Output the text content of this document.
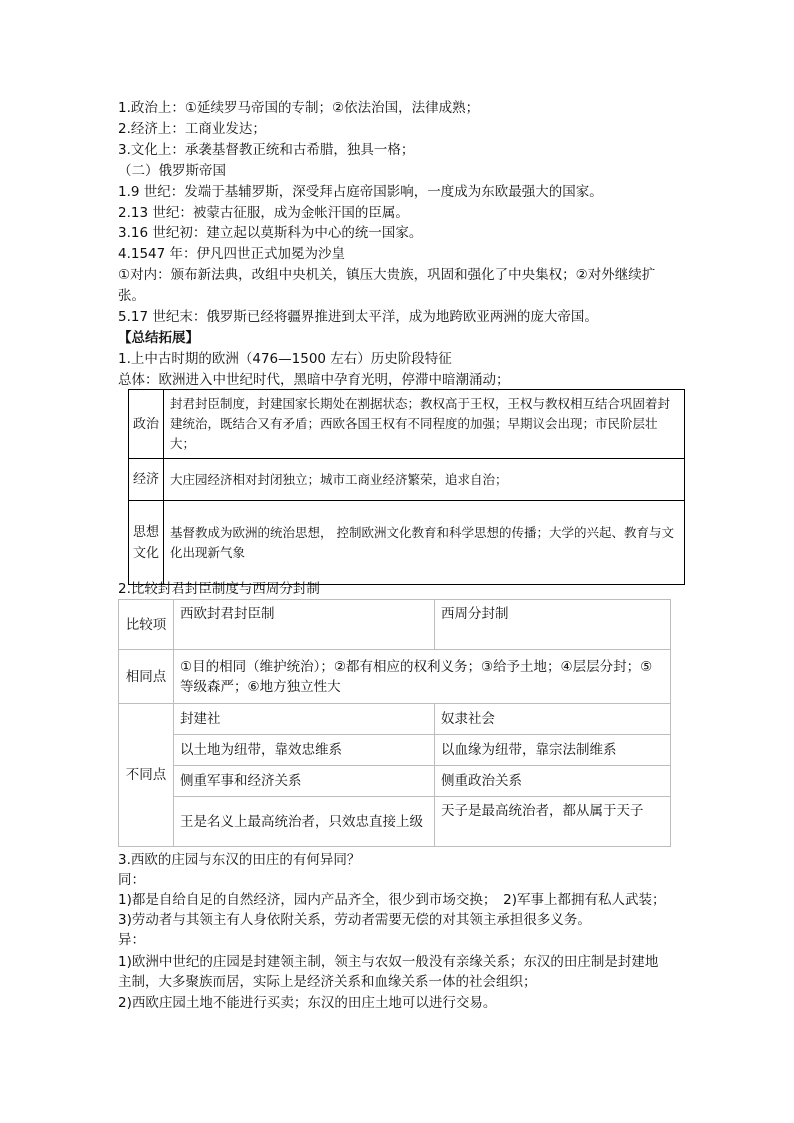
1.政治上：①延续罗马帝国的专制；②依法治国，法律成熟；
2.经济上：工商业发达；
3.文化上：承袭基督教正统和古希腊，独具一格；
（二）俄罗斯帝国
1.9 世纪：发端于基辅罗斯，深受拜占庭帝国影响，一度成为东欧最强大的国家。
2.13 世纪：被蒙古征服，成为金帐汗国的臣属。
3.16 世纪初：建立起以莫斯科为中心的统一国家。
4.1547 年：伊凡四世正式加冕为沙皇
①对内：颁布新法典，改组中央机关，镇压大贵族，巩固和强化了中央集权；②对外继续扩
张。
5.17 世纪末：俄罗斯已经将疆界推进到太平洋，成为地跨欧亚两洲的庞大帝国。
【总结拓展】
1.上中古时期的欧洲（476—1500 左右）历史阶段特征
总体：欧洲进入中世纪时代，黑暗中孕育光明，停滞中暗潮涌动；
政治	封君封臣制度，封建国家长期处在割据状态；教权高于王权，王权与教权相互结合巩固着封建统治，既结合又有矛盾；西欧各国王权有不同程度的加强；早期议会出现；市民阶层壮大；
经济	大庄园经济相对封闭独立；城市工商业经济繁荣，追求自治；
思想文化	基督教成为欧洲的统治思想， 控制欧洲文化教育和科学思想的传播；大学的兴起、教育与文化出现新气象
2.比较封君封臣制度与西周分封制
比较项	西欧封君封臣制	西周分封制
相同点	①目的相同（维护统治）；②都有相应的权利义务；③给予土地；④层层分封；⑤等级森严；⑥地方独立性大	
不同点	封建社	奴隶社会
	以土地为纽带，靠效忠维系	以血缘为纽带，靠宗法制维系
	侧重军事和经济关系	侧重政治关系
	王是名义上最高统治者，只效忠直接上级	天子是最高统治者，都从属于天子
3.西欧的庄园与东汉的田庄的有何异同？
同：
1)都是自给自足的自然经济，园内产品齐全，很少到市场交换；　2)军事上都拥有私人武装；
3)劳动者与其领主有人身依附关系，劳动者需要无偿的对其领主承担很多义务。
异：
1)欧洲中世纪的庄园是封建领主制，领主与农奴一般没有亲缘关系；东汉的田庄制是封建地
主制，大多聚族而居，实际上是经济关系和血缘关系一体的社会组织；
2)西欧庄园土地不能进行买卖；东汉的田庄土地可以进行交易。
